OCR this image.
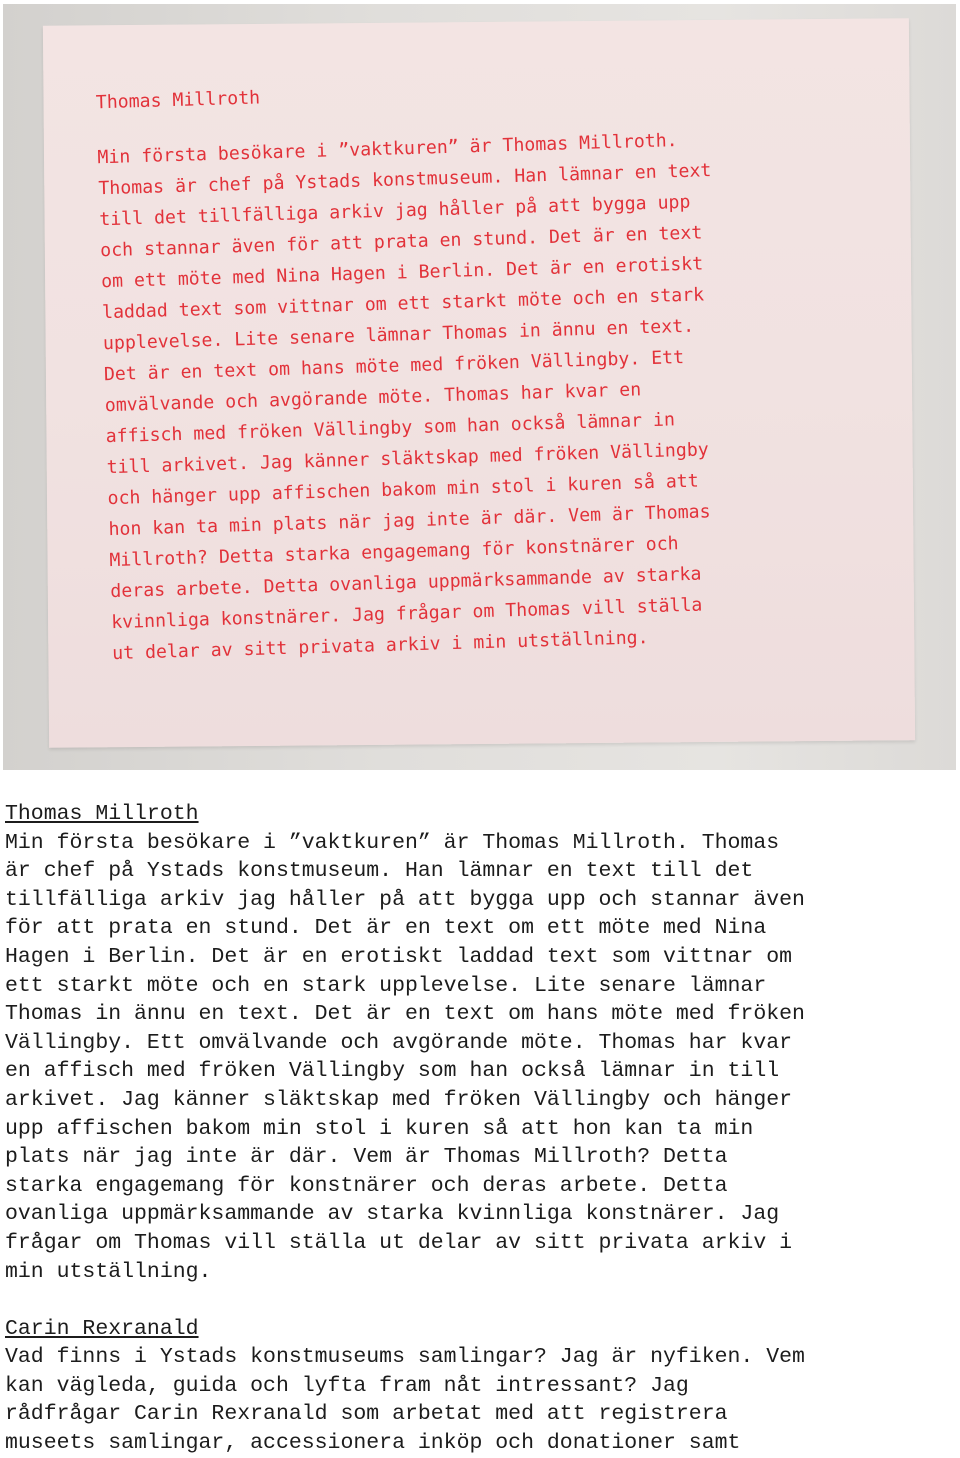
Thomas Millroth
Min första besökare i ”vaktkuren” är Thomas Millroth.
Thomas är chef på Ystads konstmuseum. Han lämnar en text
till det tillfälliga arkiv jag håller på att bygga upp
och stannar även för att prata en stund. Det är en text
om ett möte med Nina Hagen i Berlin. Det är en erotiskt
laddad text som vittnar om ett starkt möte och en stark
upplevelse. Lite senare lämnar Thomas in ännu en text.
Det är en text om hans möte med fröken Vällingby. Ett
omvälvande och avgörande möte. Thomas har kvar en
affisch med fröken Vällingby som han också lämnar in
till arkivet. Jag känner släktskap med fröken Vällingby
och hänger upp affischen bakom min stol i kuren så att
hon kan ta min plats när jag inte är där. Vem är Thomas
Millroth? Detta starka engagemang för konstnärer och
deras arbete. Detta ovanliga uppmärksammande av starka
kvinnliga konstnärer. Jag frågar om Thomas vill ställa
ut delar av sitt privata arkiv i min utställning.
Thomas Millroth
Min första besökare i ”vaktkuren” är Thomas Millroth. Thomas
är chef på Ystads konstmuseum. Han lämnar en text till det
tillfälliga arkiv jag håller på att bygga upp och stannar även
för att prata en stund. Det är en text om ett möte med Nina
Hagen i Berlin. Det är en erotiskt laddad text som vittnar om
ett starkt möte och en stark upplevelse. Lite senare lämnar
Thomas in ännu en text. Det är en text om hans möte med fröken
Vällingby. Ett omvälvande och avgörande möte. Thomas har kvar
en affisch med fröken Vällingby som han också lämnar in till
arkivet. Jag känner släktskap med fröken Vällingby och hänger
upp affischen bakom min stol i kuren så att hon kan ta min
plats när jag inte är där. Vem är Thomas Millroth? Detta
starka engagemang för konstnärer och deras arbete. Detta
ovanliga uppmärksammande av starka kvinnliga konstnärer. Jag
frågar om Thomas vill ställa ut delar av sitt privata arkiv i
min utställning.
Carin Rexranald
Vad finns i Ystads konstmuseums samlingar? Jag är nyfiken. Vem
kan vägleda, guida och lyfta fram nåt intressant? Jag
rådfrågar Carin Rexranald som arbetat med att registrera
museets samlingar, accessionera inköp och donationer samt
